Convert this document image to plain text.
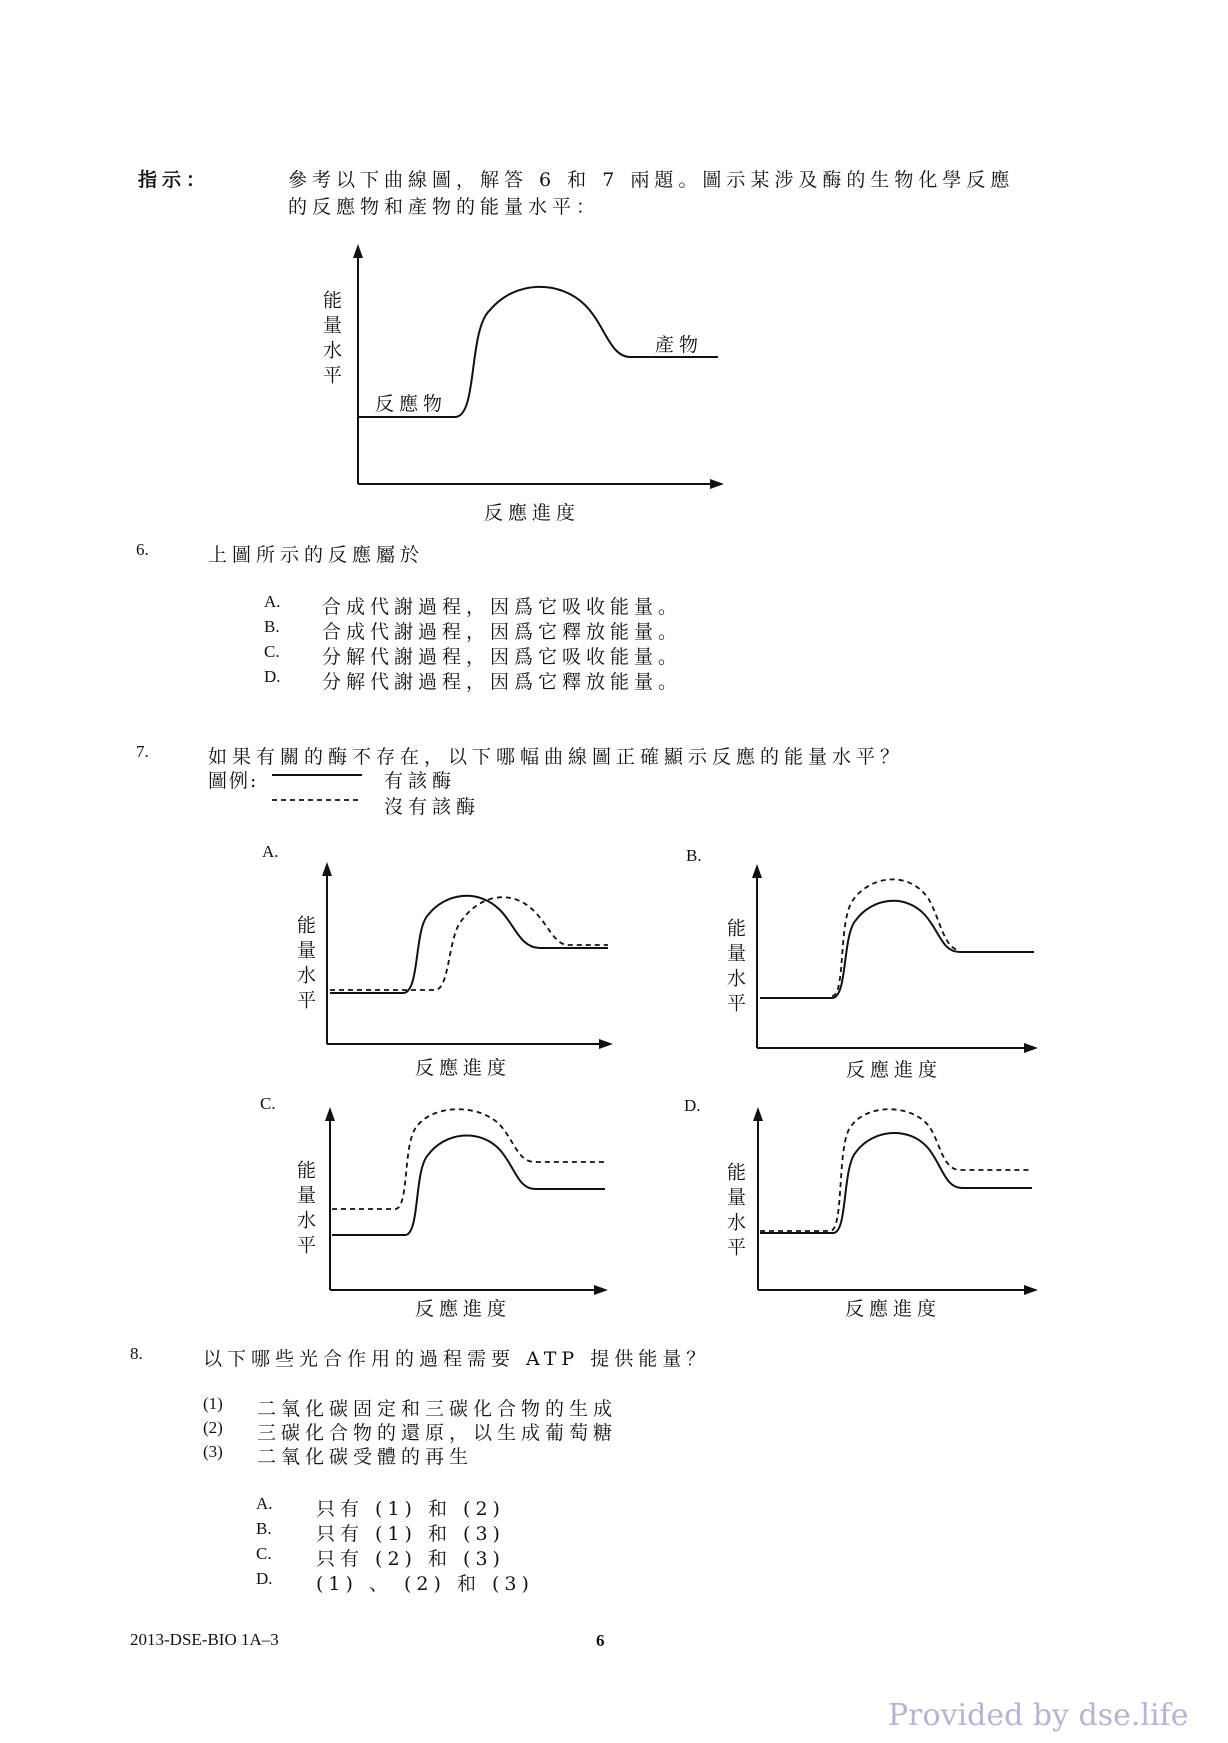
指示：	參考以下曲線圖，解答 6 和 7 兩題。圖示某涉及酶的生物化學反應
的反應物和產物的能量水平：
能量水平
反應物
產物
反應進度
6.	上圖所示的反應屬於
A. 合成代謝過程，因爲它吸收能量。
B. 合成代謝過程，因爲它釋放能量。
C. 分解代謝過程，因爲它吸收能量。
D. 分解代謝過程，因爲它釋放能量。
7.	如果有關的酶不存在，以下哪幅曲線圖正確顯示反應的能量水平？
圖例:	有該酶
沒有該酶
A.
能量水平
反應進度
B.
能量水平
反應進度
C.
能量水平
反應進度
D.
能量水平
反應進度
8.	以下哪些光合作用的過程需要 ATP 提供能量？
(1) 二氧化碳固定和三碳化合物的生成
(2) 三碳化合物的還原，以生成葡萄糖
(3) 二氧化碳受體的再生
A. 只有 (1) 和 (2)
B. 只有 (1) 和 (3)
C. 只有 (2) 和 (3)
D. (1) 、 (2) 和 (3)
2013-DSE-BIO 1A–3	6
Provided by dse.life
